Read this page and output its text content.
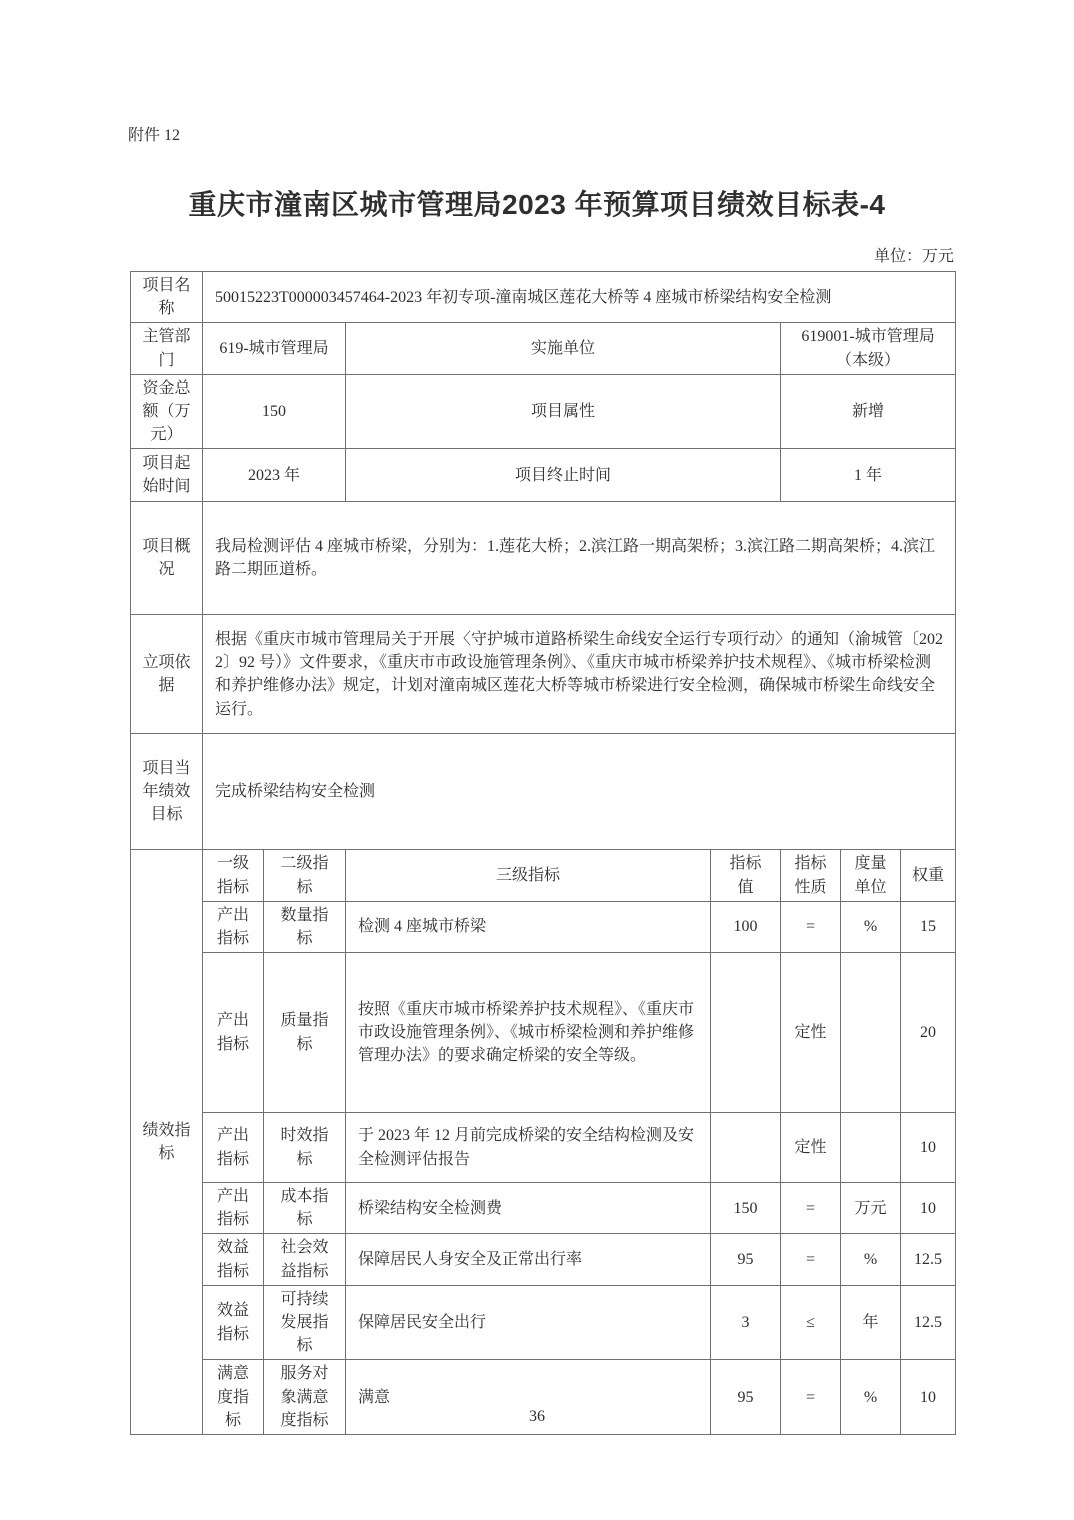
附件 12
重庆市潼南区城市管理局2023 年预算项目绩效目标表-4
单位：万元
项目名称	50015223T000003457464-2023 年初专项-潼南城区莲花大桥等 4 座城市桥梁结构安全检测						
主管部门	619-城市管理局		实施单位		619001-城市管理局（本级）		
资金总额（万元）	150		项目属性		新增		
项目起始时间	2023 年		项目终止时间		1 年		
项目概况	我局检测评估 4 座城市桥梁，分别为：1.莲花大桥；2.滨江路一期高架桥；3.滨江路二期高架桥；4.滨江路二期匝道桥。						
立项依据	根据《重庆市城市管理局关于开展〈守护城市道路桥梁生命线安全运行专项行动〉的通知（渝城管〔2022〕92 号）》文件要求，《重庆市市政设施管理条例》、《重庆市城市桥梁养护技术规程》、《城市桥梁检测和养护维修办法》规定，计划对潼南城区莲花大桥等城市桥梁进行安全检测，确保城市桥梁生命线安全运行。						
项目当年绩效目标	完成桥梁结构安全检测						
绩效指标	一级指标	二级指标	三级指标	指标值	指标性质	度量单位	权重
	产出指标	数量指标	检测 4 座城市桥梁	100	=	%	15
	产出指标	质量指标	按照《重庆市城市桥梁养护技术规程》、《重庆市市政设施管理条例》、《城市桥梁检测和养护维修管理办法》的要求确定桥梁的安全等级。		定性		20
	产出指标	时效指标	于 2023 年 12 月前完成桥梁的安全结构检测及安全检测评估报告		定性		10
	产出指标	成本指标	桥梁结构安全检测费	150	=	万元	10
	效益指标	社会效益指标	保障居民人身安全及正常出行率	95	=	%	12.5
	效益指标	可持续发展指标	保障居民安全出行	3	≤	年	12.5
	满意度指标	服务对象满意度指标	满意	95	=	%	10
36
